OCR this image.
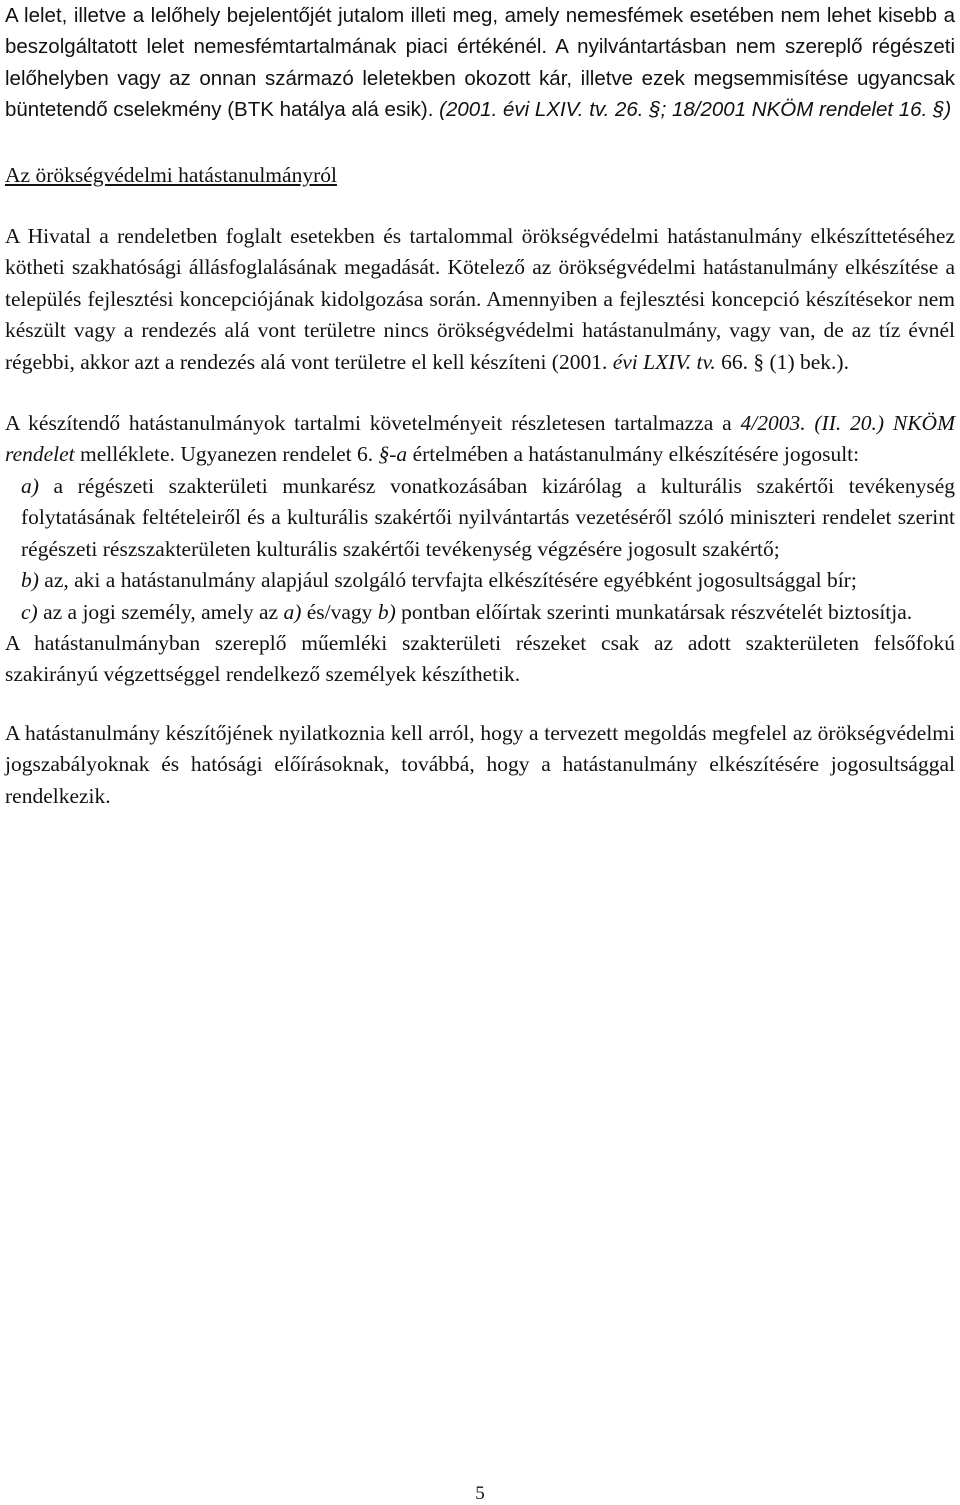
A lelet, illetve a lelőhely bejelentőjét jutalom illeti meg, amely nemesfémek esetében nem lehet kisebb a beszolgáltatott lelet nemesfémtartalmának piaci értékénél. A nyilvántartásban nem szereplő régészeti lelőhelyben vagy az onnan származó leletekben okozott kár, illetve ezek megsemmisítése ugyancsak büntetendő cselekmény (BTK hatálya alá esik). (2001. évi LXIV. tv. 26. §; 18/2001 NKÖM rendelet 16. §)

Az örökségvédelmi hatástanulmányról

A Hivatal a rendeletben foglalt esetekben és tartalommal örökségvédelmi hatástanulmány elkészíttetéséhez kötheti szakhatósági állásfoglalásának megadását. Kötelező az örökségvédelmi hatástanulmány elkészítése a település fejlesztési koncepciójának kidolgozása során. Amennyiben a fejlesztési koncepció készítésekor nem készült vagy a rendezés alá vont területre nincs örökségvédelmi hatástanulmány, vagy van, de az tíz évnél régebbi, akkor azt a rendezés alá vont területre el kell készíteni (2001. évi LXIV. tv. 66. § (1) bek.).

A készítendő hatástanulmányok tartalmi követelményeit részletesen tartalmazza a 4/2003. (II. 20.) NKÖM rendelet melléklete. Ugyanezen rendelet 6. §-a értelmében a hatástanulmány elkészítésére jogosult:

a) a régészeti szakterületi munkarész vonatkozásában kizárólag a kulturális szakértői tevékenység folytatásának feltételeiről és a kulturális szakértői nyilvántartás vezetéséről szóló miniszteri rendelet szerint régészeti részszakterületen kulturális szakértői tevékenység végzésére jogosult szakértő;

b) az, aki a hatástanulmány alapjául szolgáló tervfajta elkészítésére egyébként jogosultsággal bír;

c) az a jogi személy, amely az a) és/vagy b) pontban előírtak szerinti munkatársak részvételét biztosítja.

A hatástanulmányban szereplő műemléki szakterületi részeket csak az adott szakterületen felsőfokú szakirányú végzettséggel rendelkező személyek készíthetik.

A hatástanulmány készítőjének nyilatkoznia kell arról, hogy a tervezett megoldás megfelel az örökségvédelmi jogszabályoknak és hatósági előírásoknak, továbbá, hogy a hatástanulmány elkészítésére jogosultsággal rendelkezik.

5
